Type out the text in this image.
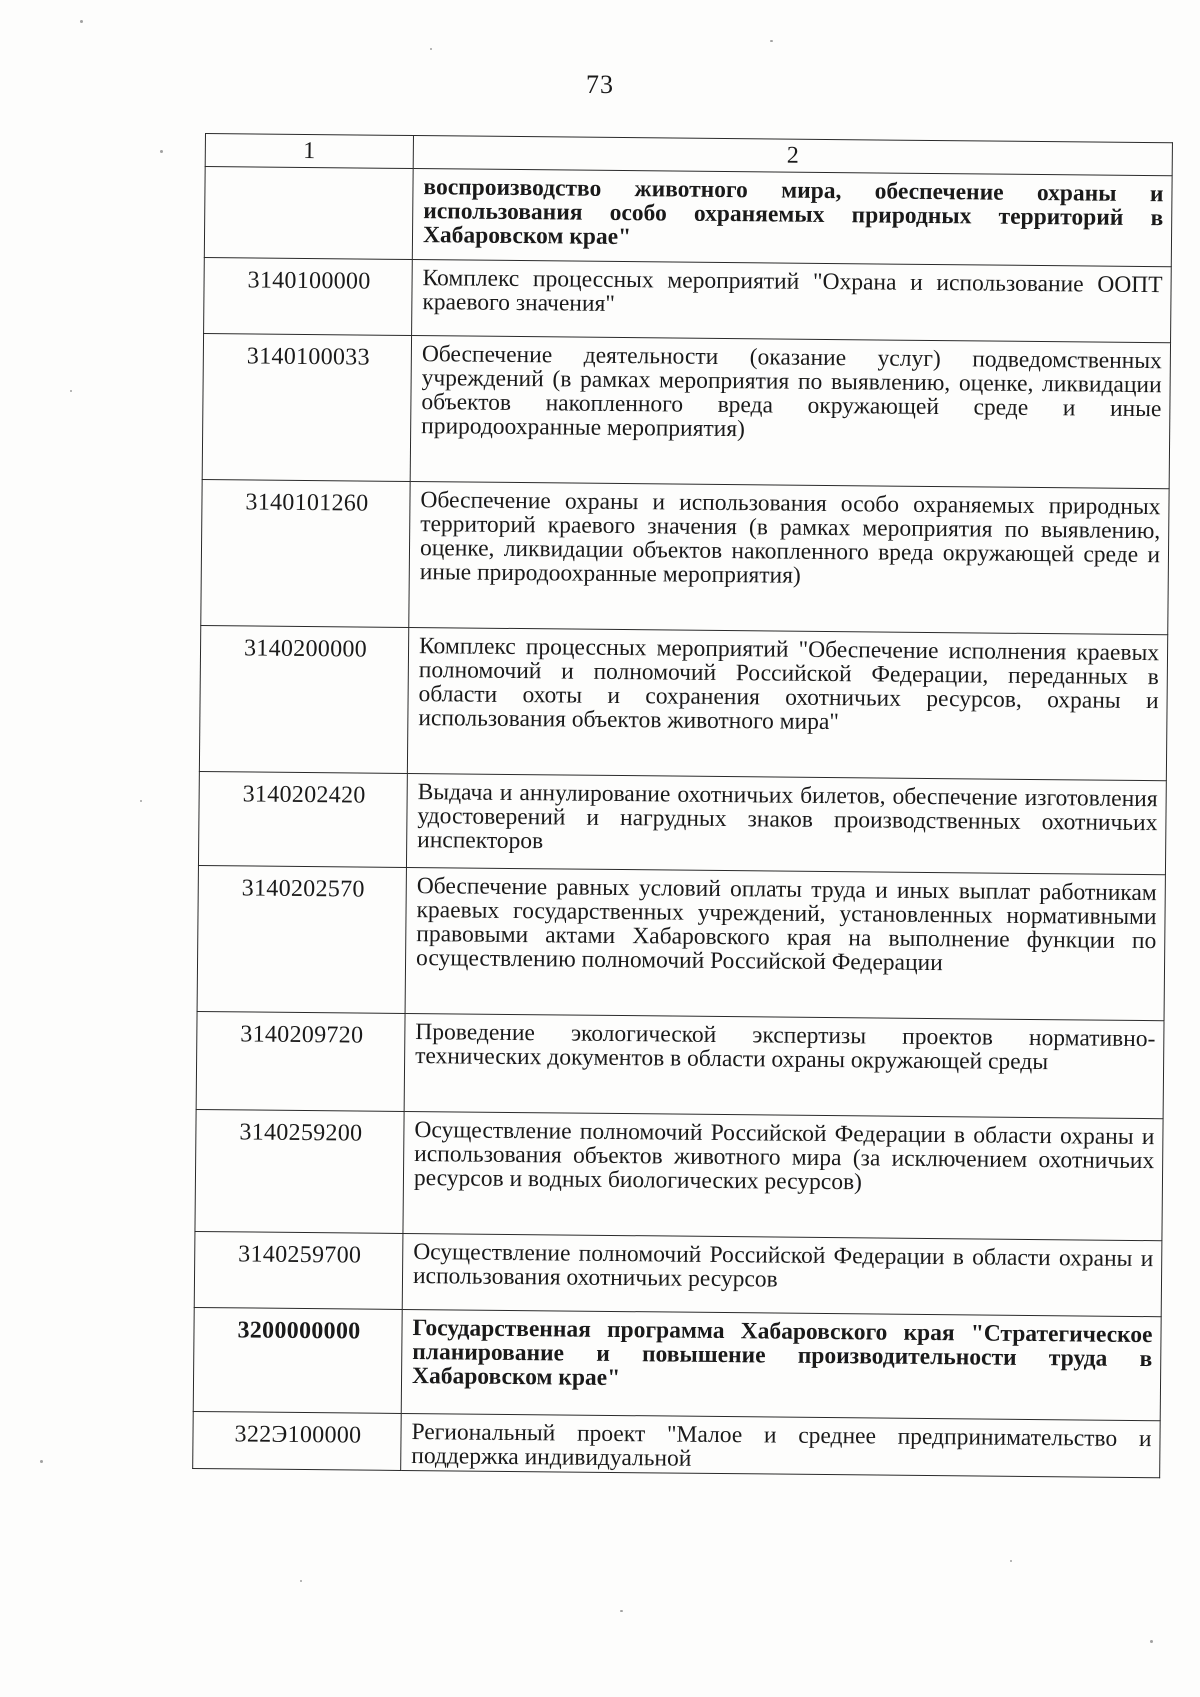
73
1	2
	воспроизводство животного мира, обеспечение охраны и использования особо охраняемых природных территорий в Хабаровском крае"
3140100000	Комплекс процессных мероприятий "Охрана и использование ООПТ краевого значения"
3140100033	Обеспечение деятельности (оказание услуг) подведомственных учреждений (в рамках мероприятия по выявлению, оценке, ликвидации объектов накопленного вреда окружающей среде и иные природоохранные мероприятия)
3140101260	Обеспечение охраны и использования особо охраняемых природных территорий краевого значения (в рамках мероприятия по выявлению, оценке, ликвидации объектов накопленного вреда окружающей среде и иные природоохранные мероприятия)
3140200000	Комплекс процессных мероприятий "Обеспечение исполнения краевых полномочий и полномочий Российской Федерации, переданных в области охоты и сохранения охотничьих ресурсов, охраны и использования объектов животного мира"
3140202420	Выдача и аннулирование охотничьих билетов, обеспечение изготовления удостоверений и нагрудных знаков производственных охотничьих инспекторов
3140202570	Обеспечение равных условий оплаты труда и иных выплат работникам краевых государственных учреждений, установленных нормативными правовыми актами Хабаровского края на выполнение функции по осуществлению полномочий Российской Федерации
3140209720	Проведение экологической экспертизы проектов нормативно-технических документов в области охраны окружающей среды
3140259200	Осуществление полномочий Российской Федерации в области охраны и использования объектов животного мира (за исключением охотничьих ресурсов и водных биологических ресурсов)
3140259700	Осуществление полномочий Российской Федерации в области охраны и использования охотничьих ресурсов
3200000000	Государственная программа Хабаровского края "Стратегическое планирование и повышение производительности труда в Хабаровском крае"
322Э100000	Региональный проект "Малое и среднее предпринимательство и поддержка индивидуальной
